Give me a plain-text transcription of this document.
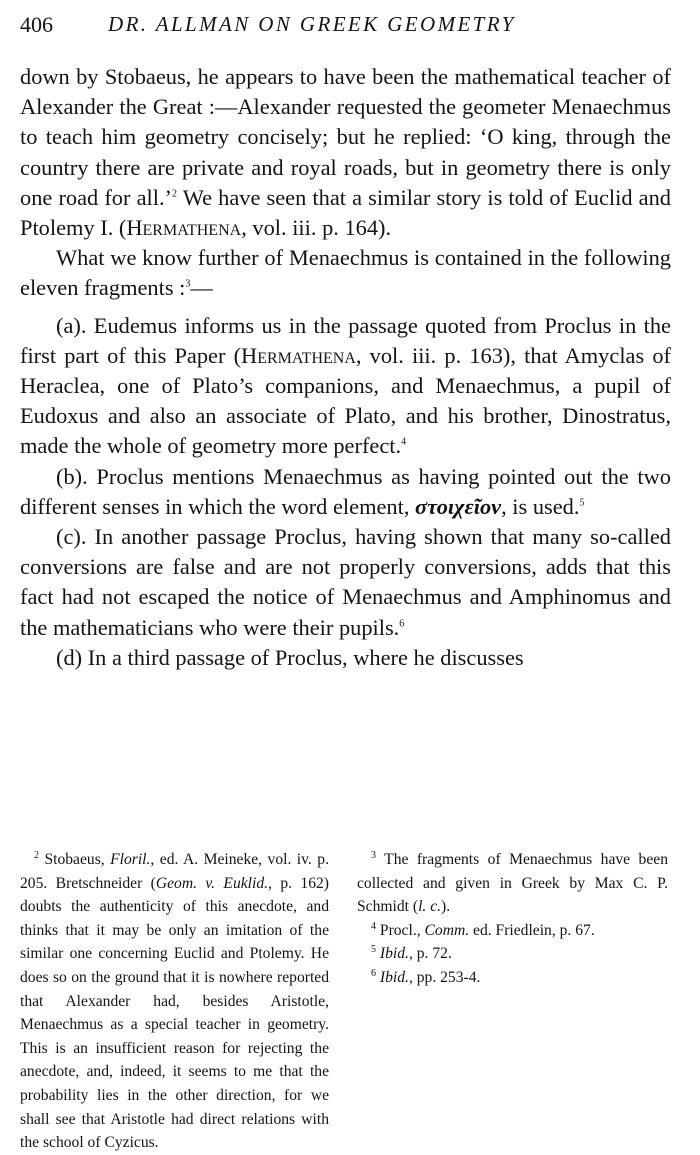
406	DR. ALLMAN ON GREEK GEOMETRY

down by Stobaeus, he appears to have been the mathematical teacher of Alexander the Great :—Alexander requested the geometer Menaechmus to teach him geometry concisely; but he replied: ‘O king, through the country there are private and royal roads, but in geometry there is only one road for all.’$^2$ We have seen that a similar story is told of Euclid and Ptolemy I. (Hermathena, vol. iii. p. 164).

What we know further of Menaechmus is contained in the following eleven fragments :$^3$—

(a). Eudemus informs us in the passage quoted from Proclus in the first part of this Paper (Hermathena, vol. iii. p. 163), that Amyclas of Heraclea, one of Plato’s companions, and Menaechmus, a pupil of Eudoxus and also an associate of Plato, and his brother, Dinostratus, made the whole of geometry more perfect.$^4$

(b). Proclus mentions Menaechmus as having pointed out the two different senses in which the word element, στοιχεῖον, is used.$^5$

(c). In another passage Proclus, having shown that many so-called conversions are false and are not properly conversions, adds that this fact had not escaped the notice of Menaechmus and Amphinomus and the mathematicians who were their pupils.$^6$

(d) In a third passage of Proclus, where he discusses

$^2$ Stobaeus, Floril., ed. A. Meineke, vol. iv. p. 205. Bretschneider (Geom. v. Euklid., p. 162) doubts the authenticity of this anecdote, and thinks that it may be only an imitation of the similar one concerning Euclid and Ptolemy. He does so on the ground that it is nowhere reported that Alexander had, besides Aristotle, Menaechmus as a special teacher in geometry. This is an insufficient reason for rejecting the anecdote, and, indeed, it seems to me that the probability lies in the other direction, for we shall see that Aristotle had direct relations with the school of Cyzicus.

$^3$ The fragments of Menaechmus have been collected and given in Greek by Max C. P. Schmidt (l. c.).

$^4$ Procl., Comm. ed. Friedlein, p. 67.

$^5$ Ibid., p. 72.

$^6$ Ibid., pp. 253-4.
